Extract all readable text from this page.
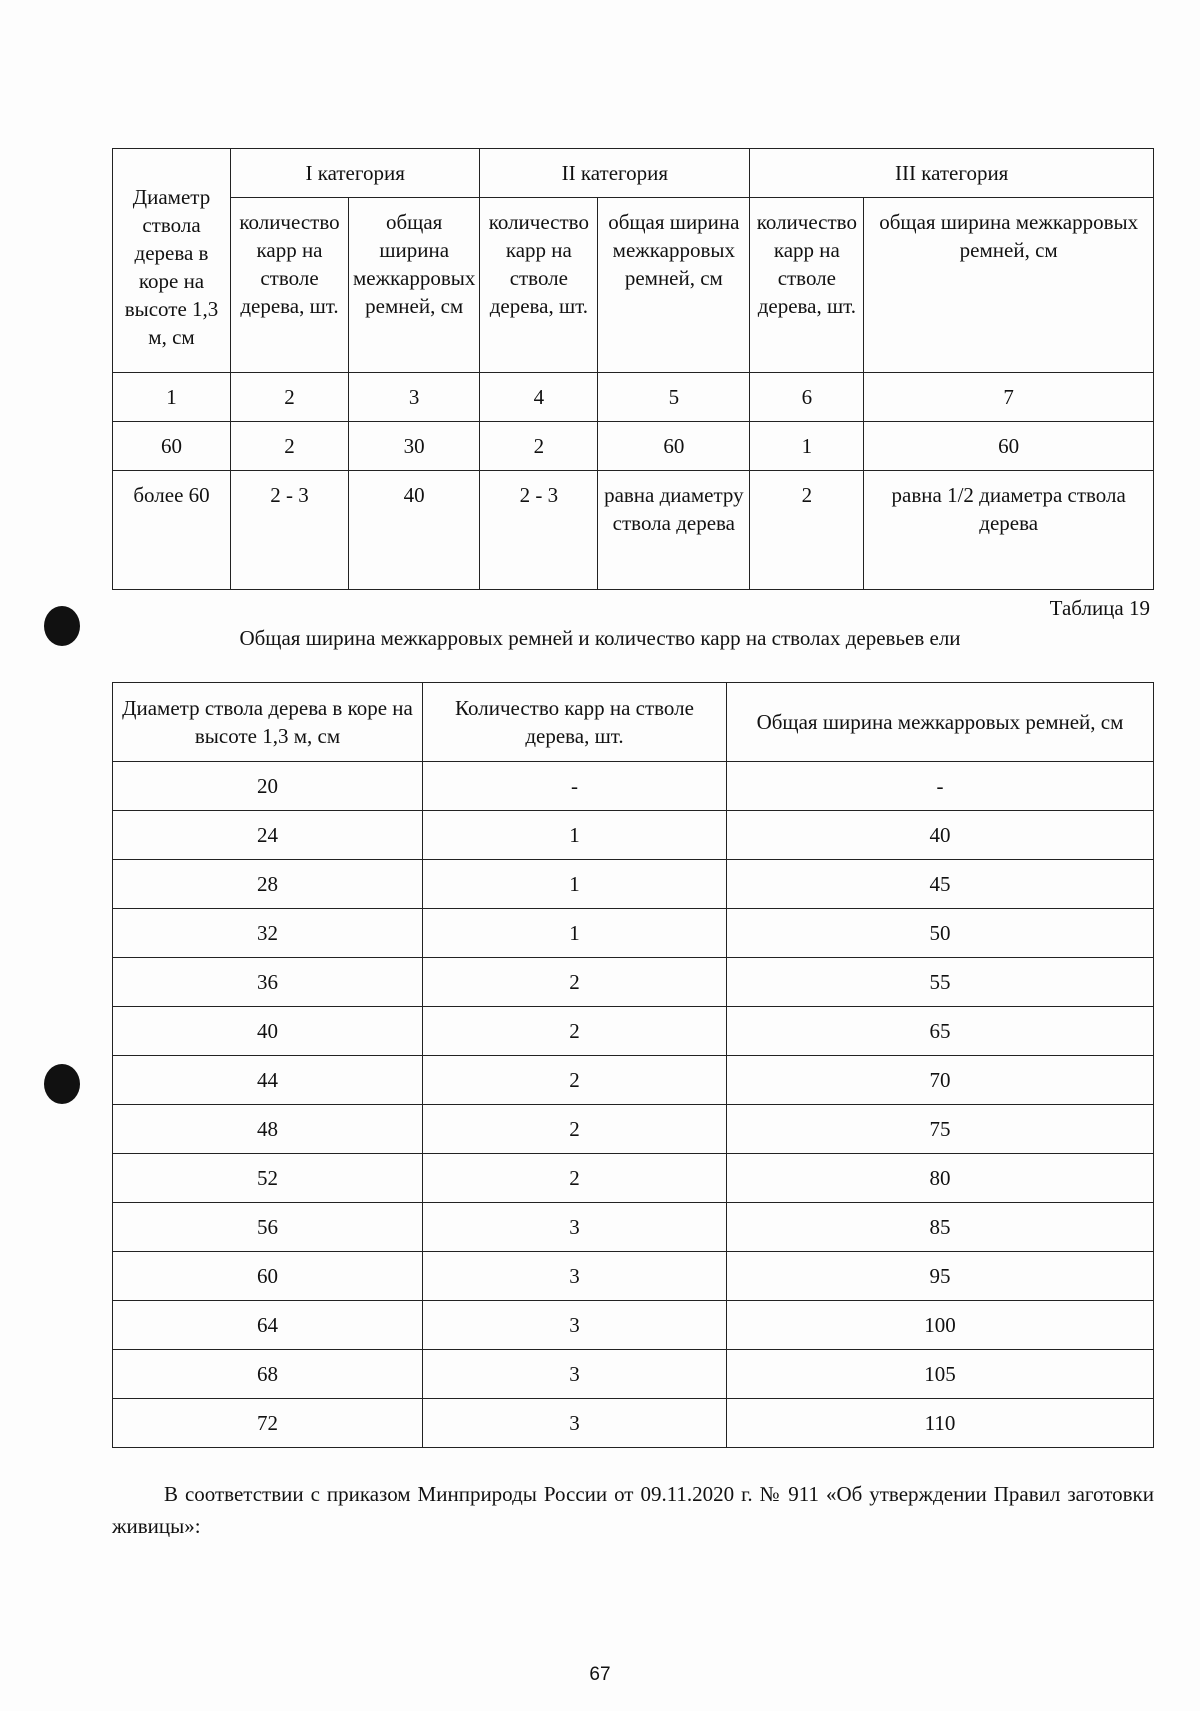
Диаметр ствола дерева в коре на высоте 1,3 м, см	I категория		II категория		III категория	
	количество карр на стволе дерева, шт.	общая ширина межкарровых ремней, см	количество карр на стволе дерева, шт.	общая ширина межкарровых ремней, см	количество карр на стволе дерева, шт.	общая ширина межкарровых ремней, см
1	2	3	4	5	6	7
60	2	30	2	60	1	60
более 60	2 - 3	40	2 - 3	равна диаметру ствола дерева	2	равна 1/2 диаметра ствола дерева
Таблица 19
Общая ширина межкарровых ремней и количество карр на стволах деревьев ели
Диаметр ствола дерева в коре на высоте 1,3 м, см	Количество карр на стволе дерева, шт.	Общая ширина межкарровых ремней, см
20	-	-
24	1	40
28	1	45
32	1	50
36	2	55
40	2	65
44	2	70
48	2	75
52	2	80
56	3	85
60	3	95
64	3	100
68	3	105
72	3	110
В соответствии с приказом Минприроды России от 09.11.2020 г. № 911 «Об утверждении Правил заготовки живицы»:
67
